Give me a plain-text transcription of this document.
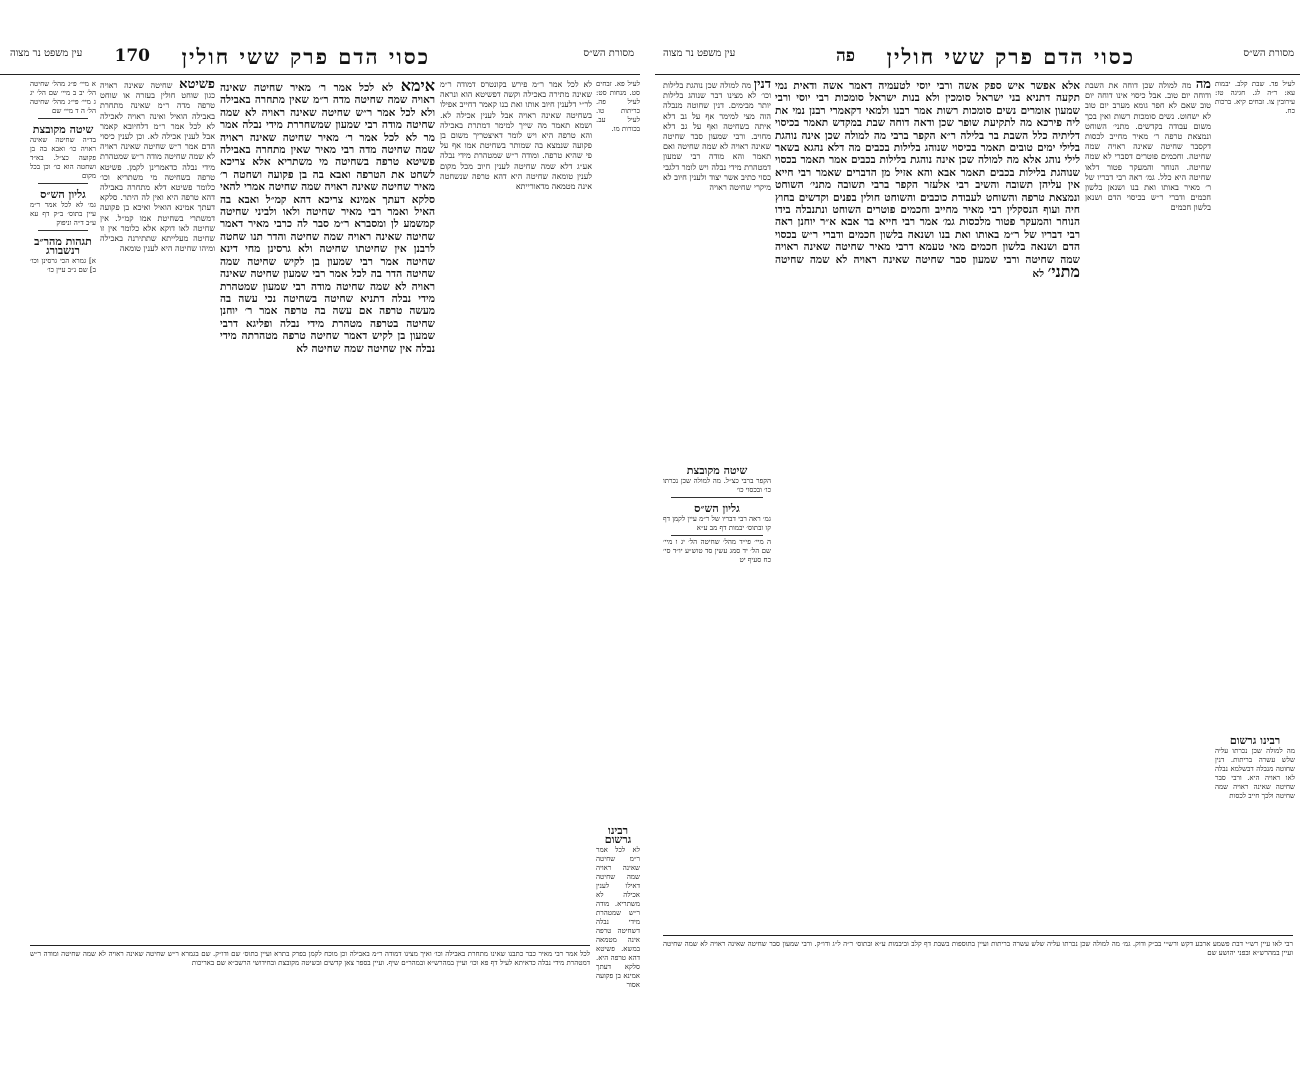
מסורת הש״ס
כסוי הדם פרק ששי חולין
170
עין משפט נר מצוה

לעיל פא. זבחים סט. מנחות סט: לעיל פה. כריתות טו. לעיל עב. בכורות מו.

לא לכל אמר ר״מ פירש בקונטרס דמודה ר״מ שאינה מתירה באכילה וקשה דפשיטא הוא ונראה לר״י דלענין חיוב אותו ואת בנו קאמר דחייב אפילו בשחיטה שאינה ראויה אבל לענין אכילה לא. ושמא תאמר מה שייך למימר דמתרת באכילה והא טרפה היא ויש לומר דאיצטריך משום בן פקועה שנמצא בה שמותר בשחיטת אמו אף על פי שהיא טרפה. ומודה ר״ש שמטהרת מידי נבלה אע״ג דלא שמה שחיטה לענין חיוב מכל מקום לענין טומאה שחיטה היא דהא טרפה שנשחטה אינה מטמאה מדאורייתא

אימא לא לכל אמר ר׳ מאיר שחיטה שאינה ראויה שמה שחיטה מדה ר״מ שאין מתחרה באבילה ולא לכל אמר ר״ש שחיטה שאינה ראויה לא שמה שחיטה מודה רבי שמעון שמשחררת מידי נבלה אמר מר לא לכל אמר ר׳ מאיר שחיטה שאינה ראויה שמה שחיטה מדה רבי מאיר שאין מתחרה באבילה פשיטא טרפה בשחיטה מי משתריא אלא צריכא לשחט את הטרפה ואבא בה בן פקועה ושחטה ר׳ מאיר שחיטה שאינה ראויה שמה שחיטה אמרי להאי סלקא דעתך אמינא צריכא דהא קמ״ל ואבא בה האיל ואמר רבי מאיר שחיטה ולאו ולביני שחיטה קמשמע לן ומסברא ר״מ סבר לה כרבי מאיר דאמר שחיטה שאינה ראויה שמה שחיטה והדר תנו שחטה לרבנן אין שחיטתו שחיטה ולא גרסינן מחי דינא שחיטה אמר רבי שמעון בן לקיש שחיטה שמה שחיטה הדר בה לכל אמר רבי שמעון שחיטה שאינה ראויה לא שמה שחיטה מודה רבי שמעון שמטהרת מידי נבלה דתניא שחיטה בשחיטה נכי עשה בה מעשה טרפה אם עשה בה טרפה אמר ר׳ יוחנן שחיטה בטרפה מטהרת מידי נבלה ופליגא דרבי שמעון בן לקיש דאמר שחיטה טרפה מטהרתה מידי נבלה אין שחיטה שמה שחיטה לא

פשיטא שחיטה שאינה ראויה כגון שוחט חולין בעזרה או שוחט טרפה מדה ר״מ שאינה מתחרת באבילה הואיל ואינה ראויה לאכילה לא לכל אמר ר״מ דלחיובא קאמר אבל לענין אכילה לא. וכן לענין כיסוי הדם אמר ר״ש שחיטה שאינה ראויה לא שמה שחיטה מודה ר״ש שמטהרת מידי נבלה כדאמרינן לקמן. פשיטא טרפה בשחיטה מי משתריא וכו׳ כלומר פשיטא דלא מתחרה באבילה דהא טרפה היא ואין לה היתר. סלקא דעתך אמינא הואיל ואיכא בן פקועה דמשתרי בשחיטת אמו קמ״ל. אין שחיטה לאו דוקא אלא כלומר אין זו שחיטה מעלייתא שתתירנה באכילה ומיהו שחיטה היא לענין טומאה

א מיי׳ פ״ג מהל׳ שחיטה הל׳ יב ב מיי׳ שם הל׳ יג ג מיי׳ פי״ג מהל׳ שחיטה הל׳ ה ד מיי׳ שם

שיטה מקובצת

בד״ה שחיטה שאינה ראויה כו׳ ואבא בה בן פקועה כצ״ל. בא״ד ושחטה הוא כו׳ וכן בכל מקום

גליון הש״ס

גמ׳ לא לכל אמר ר״מ עיין בתוס׳ ב״ק דף עא ע״ב ד״ה וניפוק

תגהות מהר״ב רנשבורג

א] גמרא הכי גרסינן וכו׳ ב] שם נ״ב עיין כו׳

רבינו גרשום

לא לכל אמר ר״מ שחיטה שאינה ראויה שמה שחיטה דאילו לענין אכילה לא משתריא. מודה ר״ש שמטהרת מידי נבלה דשחיטה טרפה אינה מטמאה במשא. פשיטא דהא טרפה היא. סלקא דעתך אמינא בן פקועה אסור

לכל אמר רבי מאיר כבר כתבנו שאינו מתחרת באבילה וכו׳ ואיך מצינו דמודה ר״מ באבילה וכן מוכח לקמן בפרק בתרא ועיין בתוס׳ שם ודו״ק. שם בגמרא ר״ש שחיטה שאינה ראויה לא שמה שחיטה ומודה ר״ש דמטהרת מידי נבלה כדאיתא לעיל דף פא וכו׳ ועיין במהרש״א ובמהר״ם שיף. ועיין בספר צאן קדשים ובשיטה מקובצת ובחידושי הרשב״א שם באריכות

מסורת הש״ס
כסוי הדם פרק ששי חולין
פה
עין משפט נר מצוה

לעיל פד. שבת קלב. יבמות עא: ר״ה לג. חגיגה טז: עירובין צו. זבחים קיא. ברכות כח.

מה מה למולה שכן דוחה את השבת ודוחה יום טוב. אבל כיסוי אינו דוחה יום טוב שאם לא חפר גומא מערב יום טוב לא ישחוט. נשים סומכות רשות ואין בכך משום עבודה בקדשים. מתני׳ השוחט ונמצאת טרפה ר׳ מאיר מחייב לכסות דקסבר שחיטה שאינה ראויה שמה שחיטה. וחכמים פוטרים דסברי לא שמה שחיטה. הנוחר והמעקר פטור דלאו שחיטה היא כלל. גמ׳ ראה רבי דבריו של ר׳ מאיר באותו ואת בנו ושנאן בלשון חכמים ודברי ר״ש בכיסוי הדם ושנאן בלשון חכמים

אלא אפשר איש ספק אשה ורבי יוסי לטעמיה דאמר אשה ודאית נמי תקעה דתניא בני ישראל סומכין ולא בנות ישראל סומכות רבי יוסי ורבי שמעון אומרים נשים סומכות רשות אמר רבנו ולמאי דקאמרי רבנן נמי את ליה פירכא מה לתקיעת שופר שכן ודאה דוחה שבת במקדש תאמר בכיסוי דליתיה כלל השבת בר בלילה ר״א הקפר ברבי מה למולה שכן אינה נוהגת בלילי ימים טובים תאמר בכיסוי שנוהג בלילות בכבים מה דלא נהגא בשאר לילי נוהג אלא מה למולה שכן אינה נוהגת בלילות בכבים אמר תאמר בכסוי שנוהגת בלילות בכבים תאמר אבא והא אזיל מן הדברים שאמר רבי חייא אין עליהן תשובה והשיב רבי אלעזר הקפר ברבי תשובה מתני׳ השוחט ונמצאת טרפה והשוחט לעבודת כוכבים והשוחט חולין בפנים וקדשים בחוץ חיה ועוף הנסקלין רבי מאיר מחייב וחכמים פוטרים השוחט ונתנבלה בידו הנוחר והמעקר פטור מלכסות גמ׳ אמר רבי חייא בר אבא א״ר יוחנן ראה רבי דבריו של ר״מ באותו ואת בנו ושנאה בלשון חכמים ודברי ר״ש בכסוי הדם ושנאה בלשון חכמים מאי טעמא דרבי מאיר שחיטה שאינה ראויה שמה שחיטה ורבי שמעון סבר שחיטה שאינה ראויה לא שמה שחיטה מתני׳ לא

דנין מה למולה שכן נוהגת בלילות וכו׳ לא מצינו דבר שנוהג בלילות יותר מבימים. דנין שחוטה מנבלה הוה מצי למימר אף על גב דלא איתה בשחיטה ואף על גב דלא מחויב. ורבי שמעון סבר שחיטה שאינה ראויה לא שמה שחיטה ואם תאמר והא מודה רבי שמעון דמטהרת מידי נבלה ויש לומר דלגבי כסוי כתיב אשר יצוד ולענין חיוב לא מיקרי שחיטה ראויה

שיטה מקובצת

הקפר ברבי כצ״ל. מה למולה שכן נכרתו כו׳ ובכסוי כו׳

גליון הש״ס

גמ׳ ראה רבי דבריו של ר״מ עיין לקמן דף קו ובתוס׳ יבמות דף מב ע״א

ה מיי׳ פי״ד מהל׳ שחיטה הל׳ יג ו מיי׳ שם הל׳ יד סמג עשין סד טוש״ע יו״ד סי׳ כח סעיף יט

רבינו גרשום

מה למולה שכן נכרתו עליה שלש עשרה בריתות. דנין שחוטה מנבלה דבשלמא נבלה לאו ראויה היא. ורבי סבר שחיטה שאינה ראויה שמה שחיטה ולכך חייב לכסות

רבי לאו עיין רש״י דבת פשמע ארבע דקש ורש״י בב״ק ודוק. גמ׳ מה למולה שכן נכרתו עליה שלש עשרה בריתות ועיין בתוספות בשבת דף קלב וביבמות ע״א ובתוס׳ ר״ה ל״ג ודו״ק. ורבי שמעון סבר שחיטה שאינה ראויה לא שמה שחיטה ועיין במהרש״א ובפני יהושע שם
